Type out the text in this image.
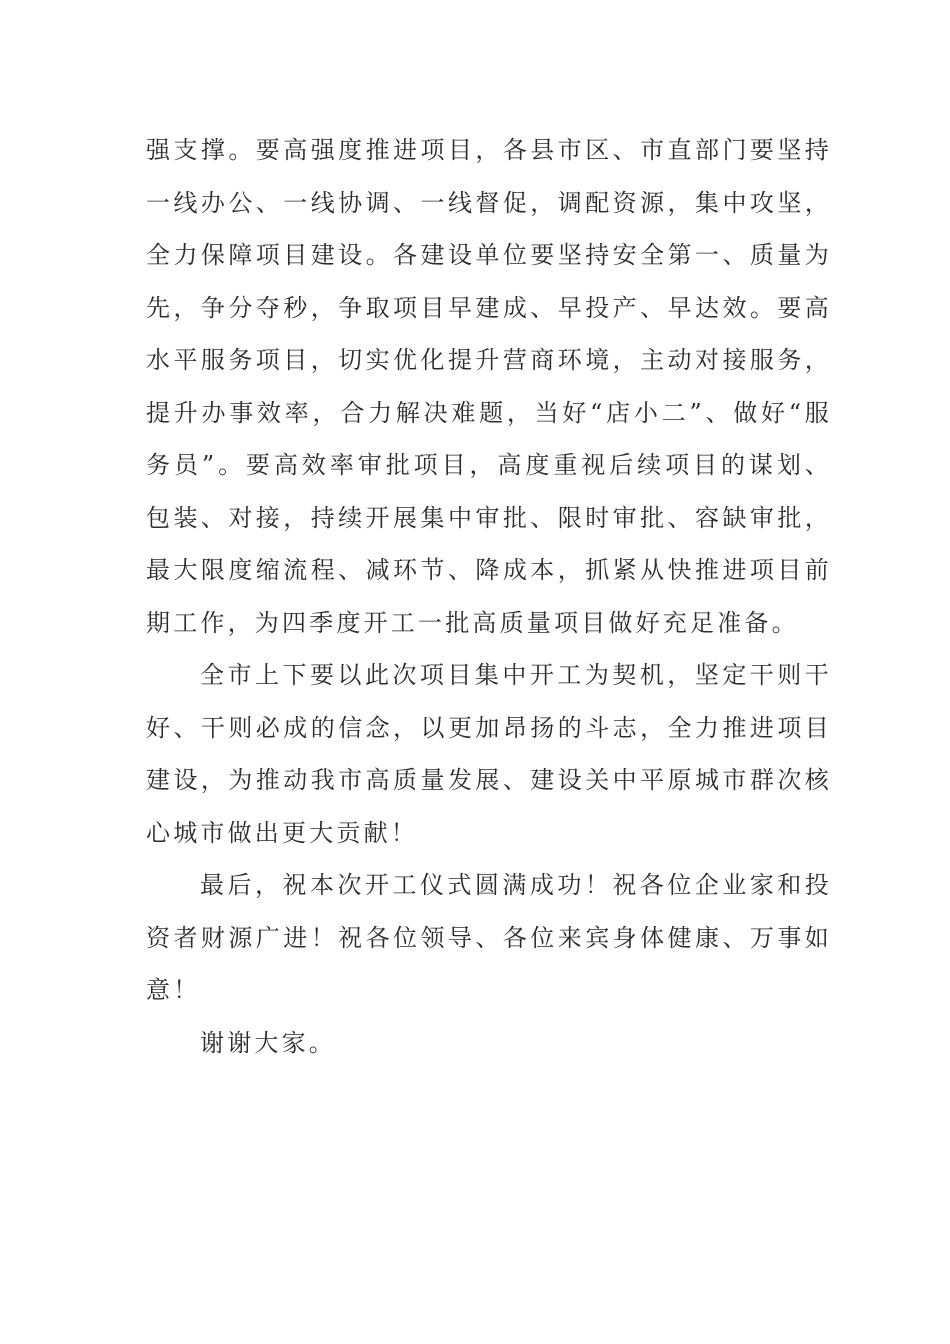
强支撑。要高强度推进项目，各县市区、市直部门要坚持一线办公、一线协调、一线督促，调配资源，集中攻坚，全力保障项目建设。各建设单位要坚持安全第一、质量为先，争分夺秒，争取项目早建成、早投产、早达效。要高水平服务项目，切实优化提升营商环境，主动对接服务，提升办事效率，合力解决难题，当好“店小二”、做好“服务员”。要高效率审批项目，高度重视后续项目的谋划、包装、对接，持续开展集中审批、限时审批、容缺审批，最大限度缩流程、减环节、降成本，抓紧从快推进项目前期工作，为四季度开工一批高质量项目做好充足准备。

全市上下要以此次项目集中开工为契机，坚定干则干好、干则必成的信念，以更加昂扬的斗志，全力推进项目建设，为推动我市高质量发展、建设关中平原城市群次核心城市做出更大贡献！

最后，祝本次开工仪式圆满成功！祝各位企业家和投资者财源广进！祝各位领导、各位来宾身体健康、万事如意！

谢谢大家。
